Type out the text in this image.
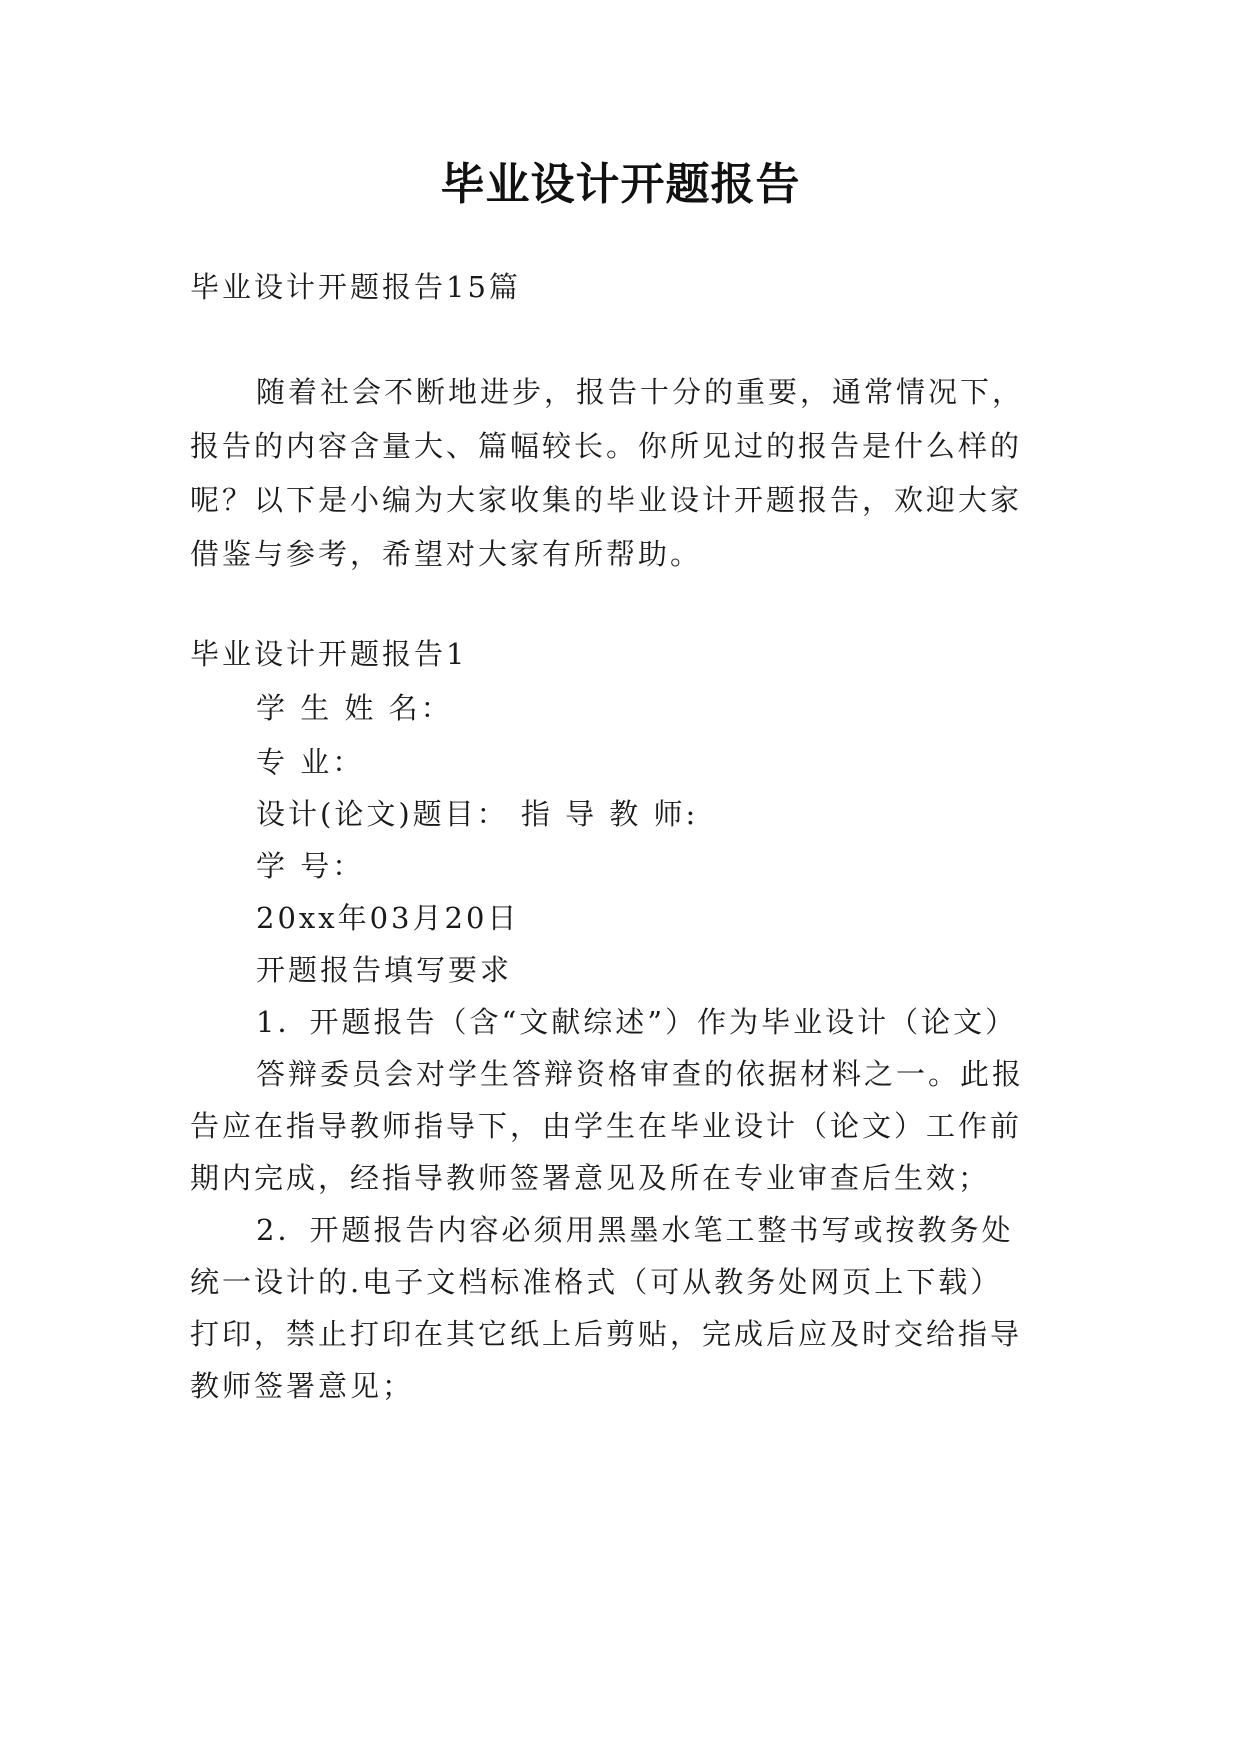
毕业设计开题报告
毕业设计开题报告15篇
随着社会不断地进步，报告十分的重要，通常情况下，
报告的内容含量大、篇幅较长。你所见过的报告是什么样的
呢？以下是小编为大家收集的毕业设计开题报告，欢迎大家
借鉴与参考，希望对大家有所帮助。
毕业设计开题报告1
学 生 姓 名：
专 业：
设计(论文)题目： 指 导 教 师:
学 号：
20xx年03月20日
开题报告填写要求
1．开题报告（含“文献综述”）作为毕业设计（论文）
答辩委员会对学生答辩资格审查的依据材料之一。此报
告应在指导教师指导下，由学生在毕业设计（论文）工作前
期内完成，经指导教师签署意见及所在专业审查后生效；
2．开题报告内容必须用黑墨水笔工整书写或按教务处
统一设计的.电子文档标准格式（可从教务处网页上下载）
打印，禁止打印在其它纸上后剪贴，完成后应及时交给指导
教师签署意见；
